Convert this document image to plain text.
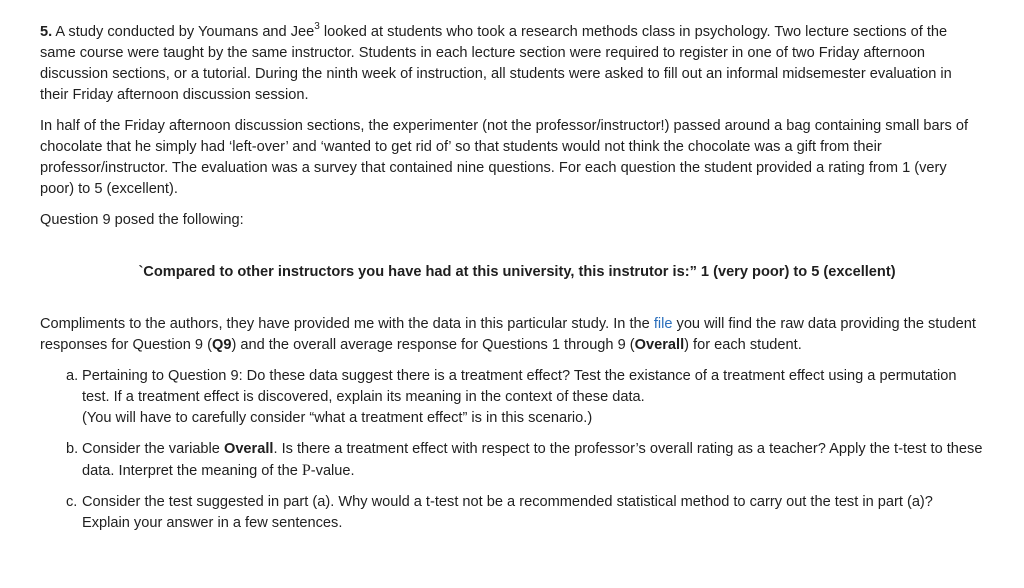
5. A study conducted by Youmans and Jee$^3$ looked at students who took a research methods class in psychology. Two lecture sections of the same course were taught by the same instructor. Students in each lecture section were required to register in one of two Friday afternoon discussion sections, or a tutorial. During the ninth week of instruction, all students were asked to fill out an informal midsemester evaluation in their Friday afternoon discussion session.

In half of the Friday afternoon discussion sections, the experimenter (not the professor/instructor!) passed around a bag containing small bars of chocolate that he simply had ‘left-over’ and ‘wanted to get rid of’ so that students would not think the chocolate was a gift from their professor/instructor. The evaluation was a survey that contained nine questions. For each question the student provided a rating from 1 (very poor) to 5 (excellent).

Question 9 posed the following:

`Compared to other instructors you have had at this university, this instrutor is:” 1 (very poor) to 5 (excellent)

Compliments to the authors, they have provided me with the data in this particular study. In the file you will find the raw data providing the student responses for Question 9 (Q9) and the overall average response for Questions 1 through 9 (Overall) for each student.

a. Pertaining to Question 9: Do these data suggest there is a treatment effect? Test the existance of a treatment effect using a permutation test. If a treatment effect is discovered, explain its meaning in the context of these data.
(You will have to carefully consider “what a treatment effect” is in this scenario.)
b. Consider the variable Overall. Is there a treatment effect with respect to the professor’s overall rating as a teacher? Apply the t-test to these data. Interpret the meaning of the P-value.
c. Consider the test suggested in part (a). Why would a t-test not be a recommended statistical method to carry out the test in part (a)? Explain your answer in a few sentences.
